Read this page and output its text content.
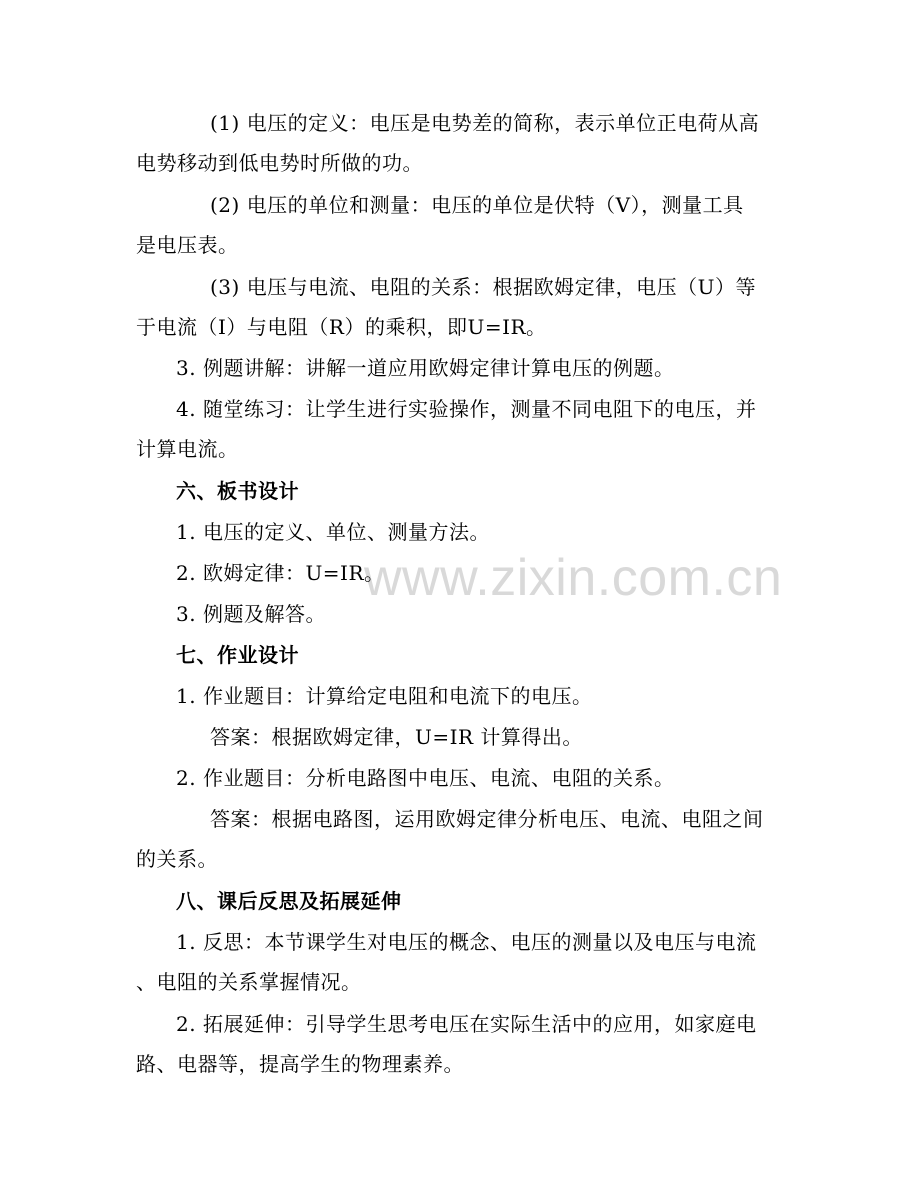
www.zixin.com.cn
(1) 电压的定义：电压是电势差的简称，表示单位正电荷从高
电势移动到低电势时所做的功。
(2) 电压的单位和测量：电压的单位是伏特（V），测量工具
是电压表。
(3) 电压与电流、电阻的关系：根据欧姆定律，电压（U）等
于电流（I）与电阻（R）的乘积，即U=IR。
3. 例题讲解：讲解一道应用欧姆定律计算电压的例题。
4. 随堂练习：让学生进行实验操作，测量不同电阻下的电压，并
计算电流。
六、板书设计
1. 电压的定义、单位、测量方法。
2. 欧姆定律：U=IR。
3. 例题及解答。
七、作业设计
1. 作业题目：计算给定电阻和电流下的电压。
答案：根据欧姆定律，U=IR 计算得出。
2. 作业题目：分析电路图中电压、电流、电阻的关系。
答案：根据电路图，运用欧姆定律分析电压、电流、电阻之间
的关系。
八、课后反思及拓展延伸
1. 反思：本节课学生对电压的概念、电压的测量以及电压与电流
、电阻的关系掌握情况。
2. 拓展延伸：引导学生思考电压在实际生活中的应用，如家庭电
路、电器等，提高学生的物理素养。
